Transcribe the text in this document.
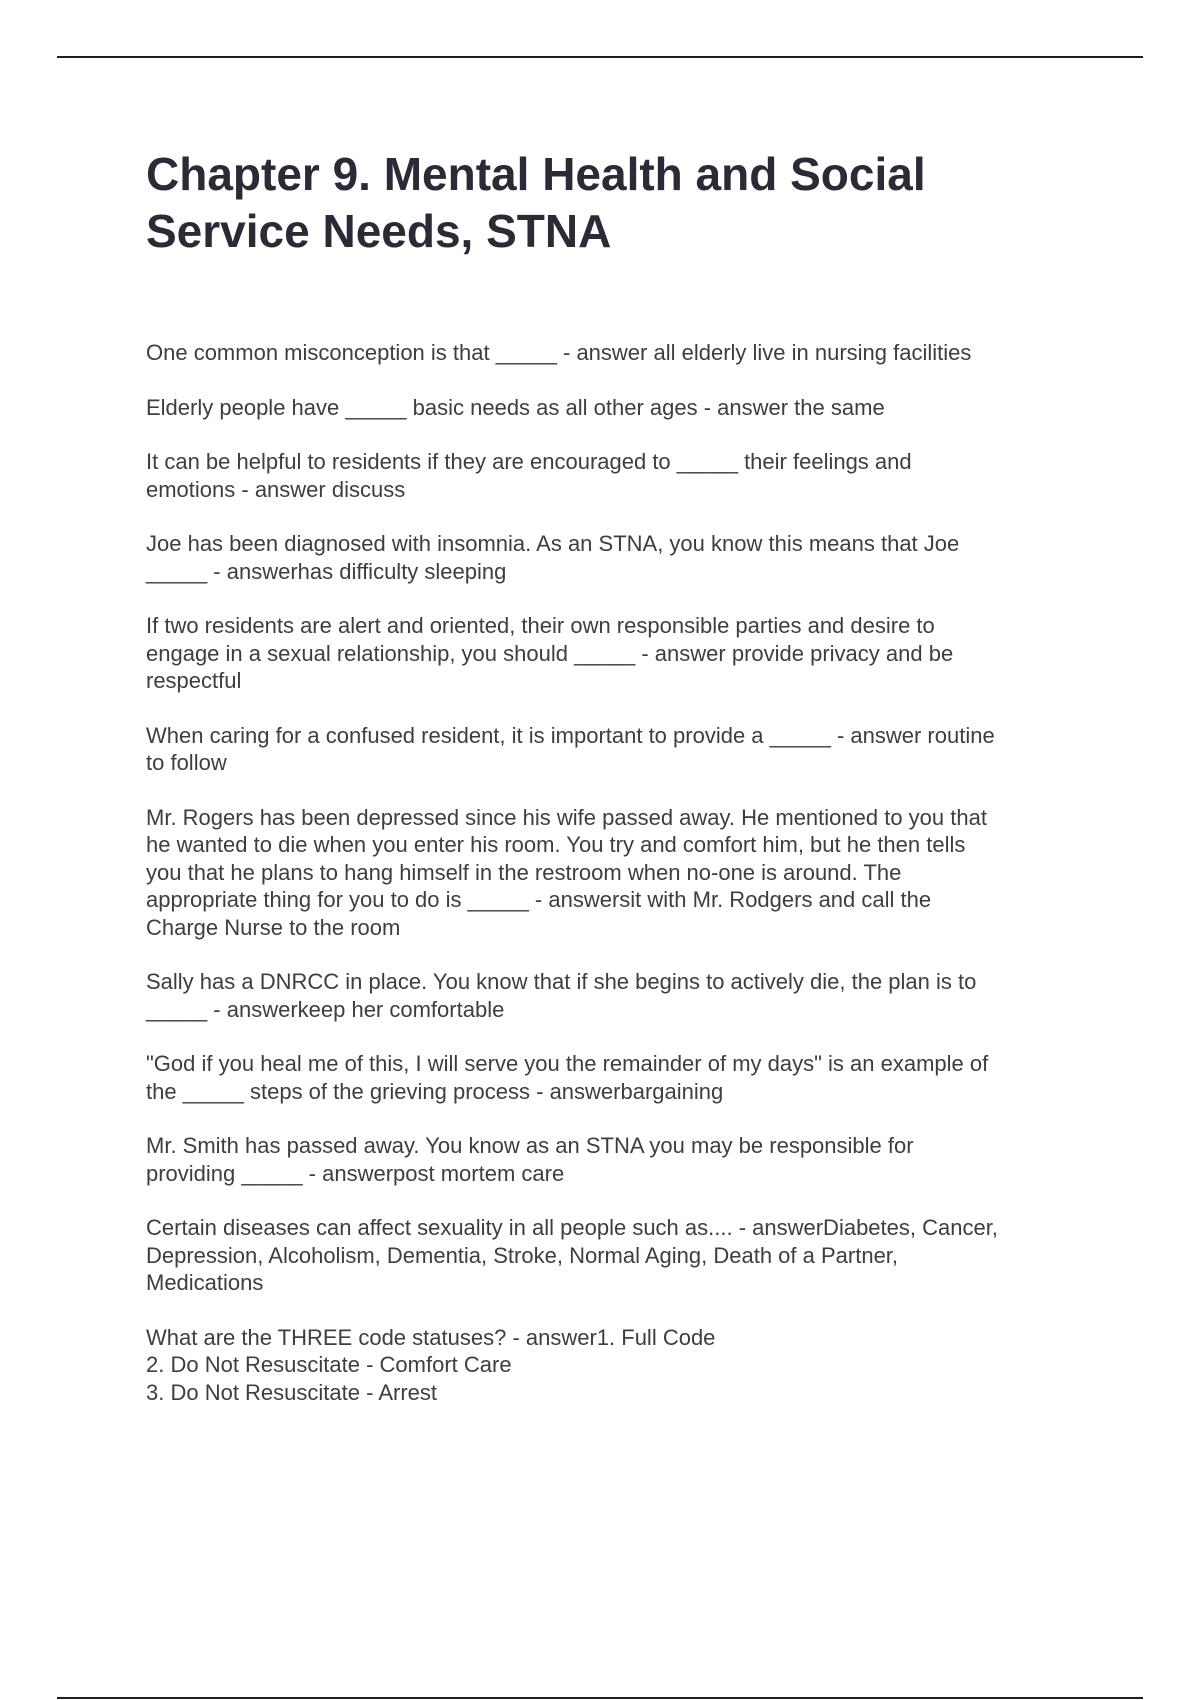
Chapter 9. Mental Health and Social Service Needs, STNA
One common misconception is that _____ - answer all elderly live in nursing facilities
Elderly people have _____ basic needs as all other ages - answer the same
It can be helpful to residents if they are encouraged to _____ their feelings and
emotions - answer discuss
Joe has been diagnosed with insomnia. As an STNA, you know this means that Joe
_____ - answerhas difficulty sleeping
If two residents are alert and oriented, their own responsible parties and desire to
engage in a sexual relationship, you should _____ - answer provide privacy and be
respectful
When caring for a confused resident, it is important to provide a _____ - answer routine
to follow
Mr. Rogers has been depressed since his wife passed away. He mentioned to you that
he wanted to die when you enter his room. You try and comfort him, but he then tells
you that he plans to hang himself in the restroom when no-one is around. The
appropriate thing for you to do is _____ - answersit with Mr. Rodgers and call the
Charge Nurse to the room
Sally has a DNRCC in place. You know that if she begins to actively die, the plan is to
_____ - answerkeep her comfortable
"God if you heal me of this, I will serve you the remainder of my days" is an example of
the _____ steps of the grieving process - answerbargaining
Mr. Smith has passed away. You know as an STNA you may be responsible for
providing _____ - answerpost mortem care
Certain diseases can affect sexuality in all people such as.... - answerDiabetes, Cancer,
Depression, Alcoholism, Dementia, Stroke, Normal Aging, Death of a Partner,
Medications
What are the THREE code statuses? - answer1. Full Code
2. Do Not Resuscitate - Comfort Care
3. Do Not Resuscitate - Arrest
